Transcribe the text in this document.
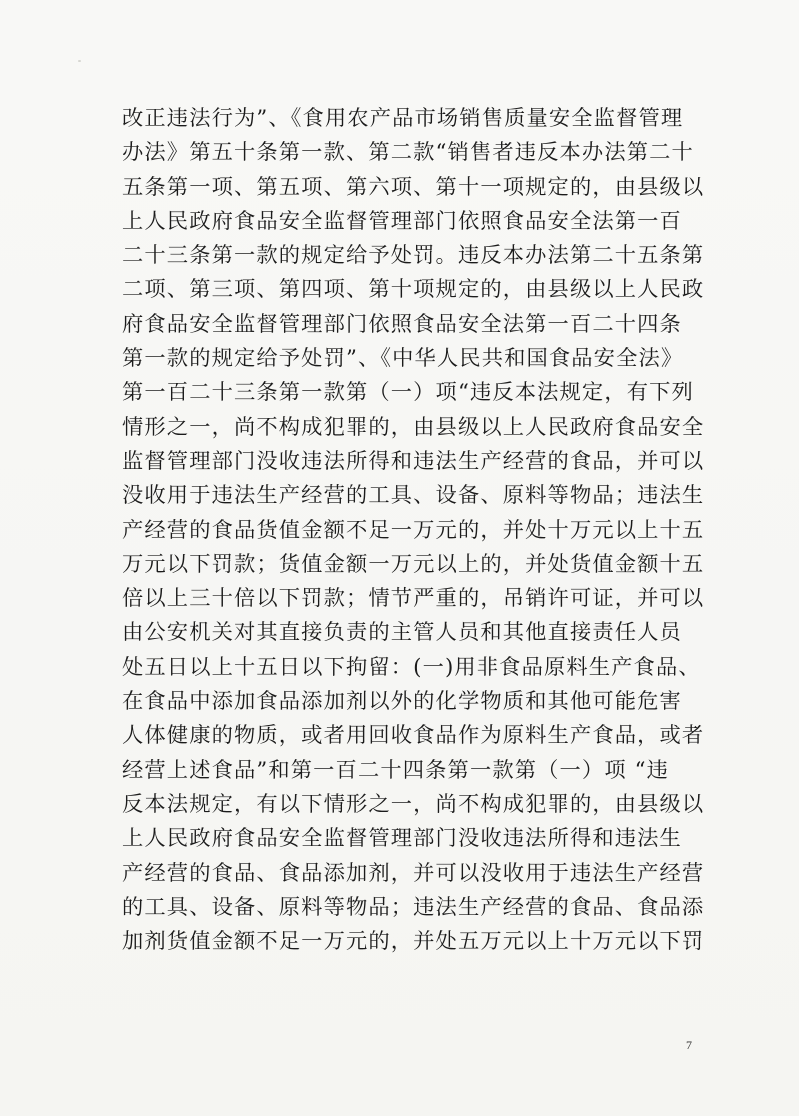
改正违法行为”、《食用农产品市场销售质量安全监督管理
办法》第五十条第一款、第二款“销售者违反本办法第二十
五条第一项、第五项、第六项、第十一项规定的，由县级以
上人民政府食品安全监督管理部门依照食品安全法第一百
二十三条第一款的规定给予处罚。违反本办法第二十五条第
二项、第三项、第四项、第十项规定的，由县级以上人民政
府食品安全监督管理部门依照食品安全法第一百二十四条
第一款的规定给予处罚”、《中华人民共和国食品安全法》
第一百二十三条第一款第（一）项“违反本法规定，有下列
情形之一，尚不构成犯罪的，由县级以上人民政府食品安全
监督管理部门没收违法所得和违法生产经营的食品，并可以
没收用于违法生产经营的工具、设备、原料等物品；违法生
产经营的食品货值金额不足一万元的，并处十万元以上十五
万元以下罚款；货值金额一万元以上的，并处货值金额十五
倍以上三十倍以下罚款；情节严重的，吊销许可证，并可以
由公安机关对其直接负责的主管人员和其他直接责任人员
处五日以上十五日以下拘留：(一)用非食品原料生产食品、
在食品中添加食品添加剂以外的化学物质和其他可能危害
人体健康的物质，或者用回收食品作为原料生产食品，或者
经营上述食品”和第一百二十四条第一款第（一）项 “违
反本法规定，有以下情形之一，尚不构成犯罪的，由县级以
上人民政府食品安全监督管理部门没收违法所得和违法生
产经营的食品、食品添加剂，并可以没收用于违法生产经营
的工具、设备、原料等物品；违法生产经营的食品、食品添
加剂货值金额不足一万元的，并处五万元以上十万元以下罚
7
